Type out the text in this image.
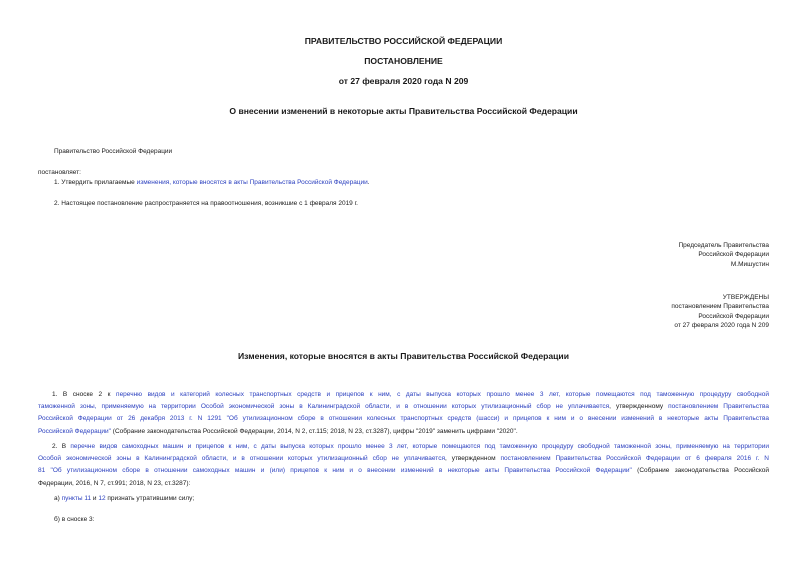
ПРАВИТЕЛЬСТВО РОССИЙСКОЙ ФЕДЕРАЦИИ
ПОСТАНОВЛЕНИЕ
от 27 февраля 2020 года N 209
О внесении изменений в некоторые акты Правительства Российской Федерации
Правительство Российской Федерации
постановляет:
1. Утвердить прилагаемые изменения, которые вносятся в акты Правительства Российской Федерации.
2. Настоящее постановление распространяется на правоотношения, возникшие с 1 февраля 2019 г.
Председатель Правительства
Российской Федерации
М.Мишустин
УТВЕРЖДЕНЫ
постановлением Правительства
Российской Федерации
от 27 февраля 2020 года N 209
Изменения, которые вносятся в акты Правительства Российской Федерации
1. В сноске 2 к перечню видов и категорий колесных транспортных средств и прицепов к ним, с даты выпуска которых прошло менее 3 лет, которые помещаются под таможенную процедуру свободной
таможенной зоны, применяемую на территории Особой экономической зоны в Калининградской области, и в отношении которых утилизационный сбор не уплачивается, утвержденному постановлением Правительства
Российской Федерации от 26 декабря 2013 г. N 1291 "Об утилизационном сборе в отношении колесных транспортных средств (шасси) и прицепов к ним и о внесении изменений в некоторые акты Правительства
Российской Федерации" (Собрание законодательства Российской Федерации, 2014, N 2, ст.115; 2018, N 23, ст.3287), цифры "2019" заменить цифрами "2020".
2. В перечне видов самоходных машин и прицепов к ним, с даты выпуска которых прошло менее 3 лет, которые помещаются под таможенную процедуру свободной таможенной зоны, применяемую на территории
Особой экономической зоны в Калининградской области, и в отношении которых утилизационный сбор не уплачивается, утвержденном постановлением Правительства Российской Федерации от 6 февраля 2016 г. N
81 "Об утилизационном сборе в отношении самоходных машин и (или) прицепов к ним и о внесении изменений в некоторые акты Правительства Российской Федерации" (Собрание законодательства Российской
Федерации, 2016, N 7, ст.991; 2018, N 23, ст.3287):
а) пункты 11 и 12 признать утратившими силу;
б) в сноске 3:
